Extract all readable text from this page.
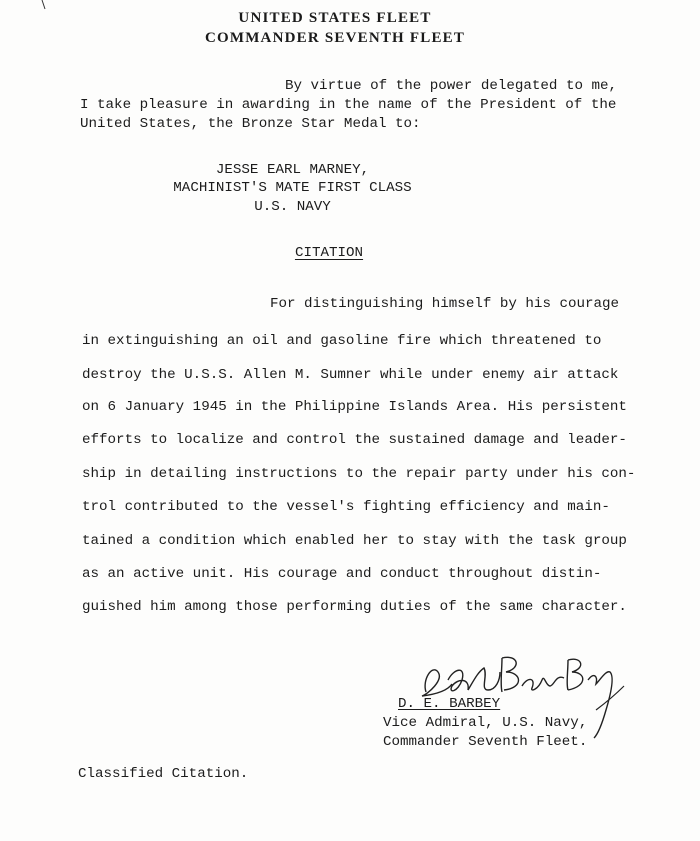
UNITED STATES FLEET
COMMANDER SEVENTH FLEET
By virtue of the power delegated to me,
I take pleasure in awarding in the name of the President of the
United States, the Bronze Star Medal to:
JESSE EARL MARNEY,
MACHINIST'S MATE FIRST CLASS
U.S. NAVY
CITATION
For distinguishing himself by his courage
in extinguishing an oil and gasoline fire which threatened to
destroy the U.S.S. Allen M. Sumner while under enemy air attack
on 6 January 1945 in the Philippine Islands Area. His persistent
efforts to localize and control the sustained damage and leader-
ship in detailing instructions to the repair party under his con-
trol contributed to the vessel's fighting efficiency and main-
tained a condition which enabled her to stay with the task group
as an active unit. His courage and conduct throughout distin-
guished him among those performing duties of the same character.
D. E. BARBEY
Vice Admiral, U.S. Navy,
Commander Seventh Fleet.
Classified Citation.
